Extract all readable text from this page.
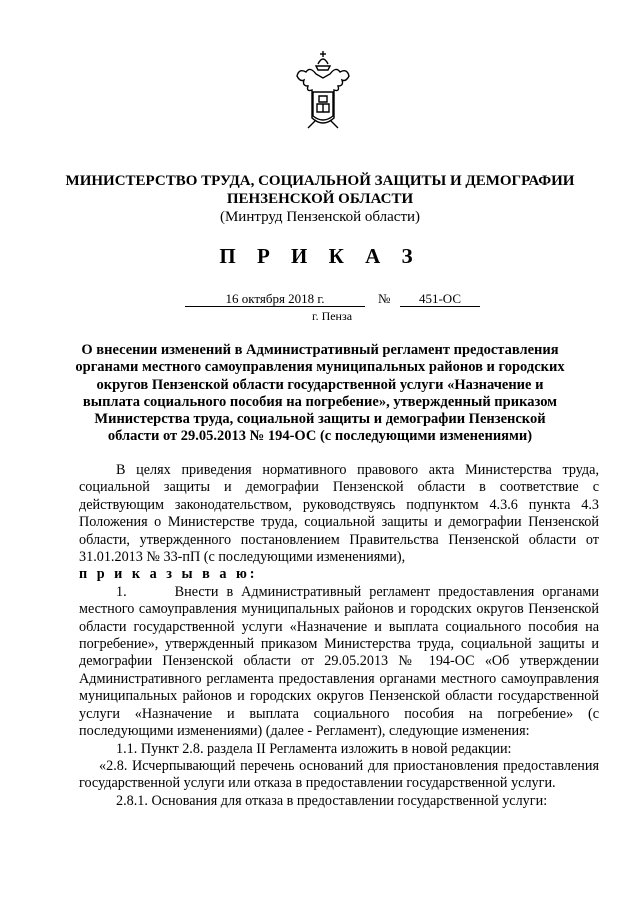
МИНИСТЕРСТВО ТРУДА, СОЦИАЛЬНОЙ ЗАЩИТЫ И ДЕМОГРАФИИ
ПЕНЗЕНСКОЙ ОБЛАСТИ
(Минтруд Пензенской области)
П Р И К А З
16 октября 2018 г.	№	451-ОС
г. Пенза
О внесении изменений в Административный регламент предоставления органами местного самоуправления муниципальных районов и городских округов Пензенской области государственной услуги «Назначение и выплата социального пособия на погребение», утвержденный приказом Министерства труда, социальной защиты и демографии Пензенской области от 29.05.2013 № 194-ОС (с последующими изменениями)

В целях приведения нормативного правового акта Министерства труда, социальной защиты и демографии Пензенской области в соответствие с действующим законодательством, руководствуясь подпунктом 4.3.6 пункта 4.3 Положения о Министерстве труда, социальной защиты и демографии Пензенской области, утвержденного постановлением Правительства Пензенской области от 31.01.2013 № 33-пП (с последующими изменениями),

п р и к а з ы в а ю:

1.	Внести в Административный регламент предоставления органами местного самоуправления муниципальных районов и городских округов Пензенской области государственной услуги «Назначение и выплата социального пособия на погребение», утвержденный приказом Министерства труда, социальной защиты и демографии Пензенской области от 29.05.2013 № 194-ОС «Об утверждении Административного регламента предоставления органами местного самоуправления муниципальных районов и городских округов Пензенской области государственной услуги «Назначение и выплата социального пособия на погребение» (с последующими изменениями) (далее - Регламент), следующие изменения:

1.1. Пункт 2.8. раздела II Регламента изложить в новой редакции:

«2.8. Исчерпывающий перечень оснований для приостановления предоставления государственной услуги или отказа в предоставлении государственной услуги.

2.8.1. Основания для отказа в предоставлении государственной услуги:
